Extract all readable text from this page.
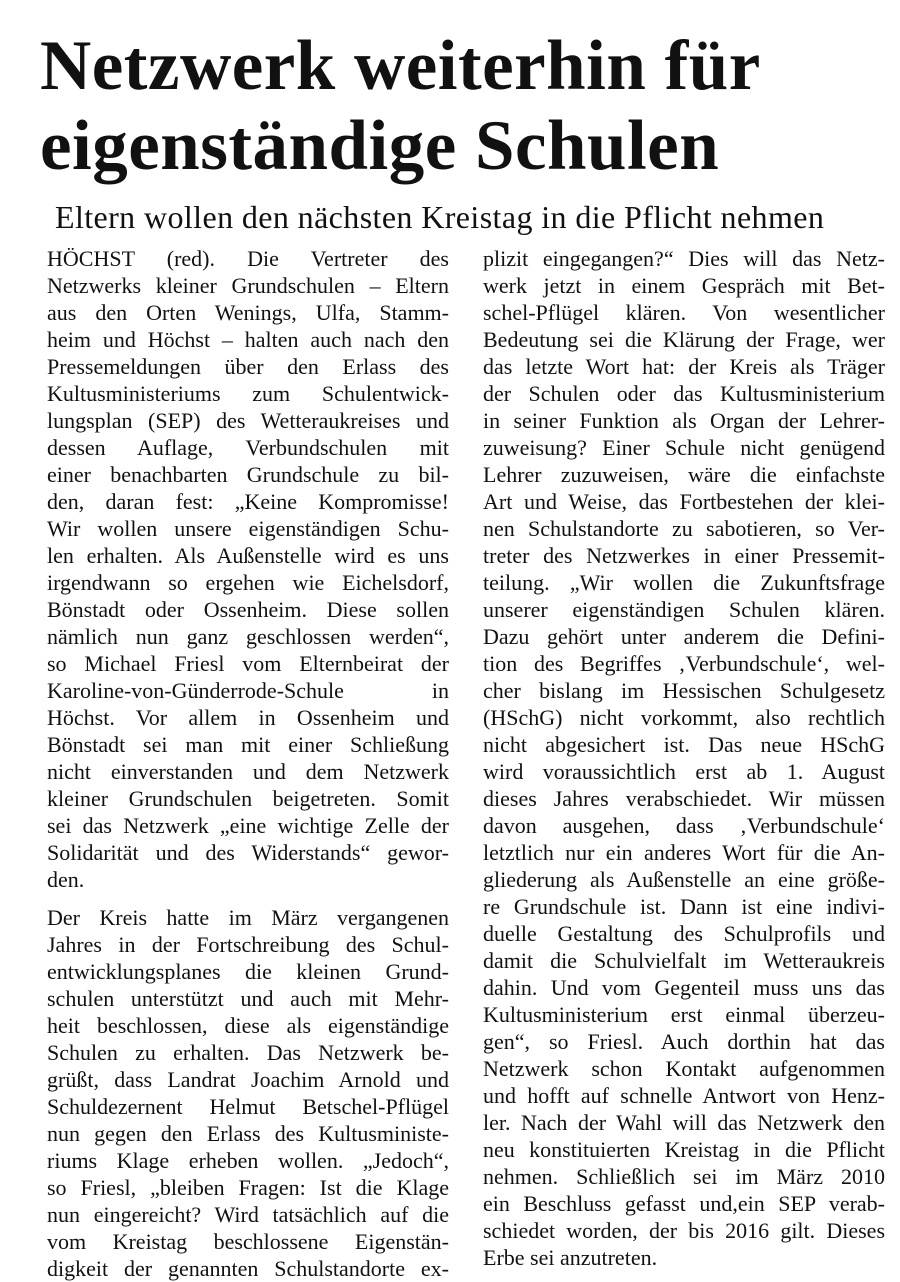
Netzwerk weiterhin für
eigenständige Schulen
Eltern wollen den nächsten Kreistag in die Pflicht nehmen
HÖCHST (red). Die Vertreter des
Netzwerks kleiner Grundschulen – Eltern
aus den Orten Wenings, Ulfa, Stamm-
heim und Höchst – halten auch nach den
Pressemeldungen über den Erlass des
Kultusministeriums zum Schulentwick-
lungsplan (SEP) des Wetteraukreises und
dessen Auflage, Verbundschulen mit
einer benachbarten Grundschule zu bil-
den, daran fest: „Keine Kompromisse!
Wir wollen unsere eigenständigen Schu-
len erhalten. Als Außenstelle wird es uns
irgendwann so ergehen wie Eichelsdorf,
Bönstadt oder Ossenheim. Diese sollen
nämlich nun ganz geschlossen werden“,
so Michael Friesl vom Elternbeirat der
Karoline-von-Günderrode-Schule in
Höchst. Vor allem in Ossenheim und
Bönstadt sei man mit einer Schließung
nicht einverstanden und dem Netzwerk
kleiner Grundschulen beigetreten. Somit
sei das Netzwerk „eine wichtige Zelle der
Solidarität und des Widerstands“ gewor-
den.
Der Kreis hatte im März vergangenen
Jahres in der Fortschreibung des Schul-
entwicklungsplanes die kleinen Grund-
schulen unterstützt und auch mit Mehr-
heit beschlossen, diese als eigenständige
Schulen zu erhalten. Das Netzwerk be-
grüßt, dass Landrat Joachim Arnold und
Schuldezernent Helmut Betschel-Pflügel
nun gegen den Erlass des Kultusministe-
riums Klage erheben wollen. „Jedoch“,
so Friesl, „bleiben Fragen: Ist die Klage
nun eingereicht? Wird tatsächlich auf die
vom Kreistag beschlossene Eigenstän-
digkeit der genannten Schulstandorte ex-
plizit eingegangen?“ Dies will das Netz-
werk jetzt in einem Gespräch mit Bet-
schel-Pflügel klären. Von wesentlicher
Bedeutung sei die Klärung der Frage, wer
das letzte Wort hat: der Kreis als Träger
der Schulen oder das Kultusministerium
in seiner Funktion als Organ der Lehrer-
zuweisung? Einer Schule nicht genügend
Lehrer zuzuweisen, wäre die einfachste
Art und Weise, das Fortbestehen der klei-
nen Schulstandorte zu sabotieren, so Ver-
treter des Netzwerkes in einer Pressemit-
teilung. „Wir wollen die Zukunftsfrage
unserer eigenständigen Schulen klären.
Dazu gehört unter anderem die Defini-
tion des Begriffes ‚Verbundschule‘, wel-
cher bislang im Hessischen Schulgesetz
(HSchG) nicht vorkommt, also rechtlich
nicht abgesichert ist. Das neue HSchG
wird voraussichtlich erst ab 1. August
dieses Jahres verabschiedet. Wir müssen
davon ausgehen, dass ‚Verbundschule‘
letztlich nur ein anderes Wort für die An-
gliederung als Außenstelle an eine größe-
re Grundschule ist. Dann ist eine indivi-
duelle Gestaltung des Schulprofils und
damit die Schulvielfalt im Wetteraukreis
dahin. Und vom Gegenteil muss uns das
Kultusministerium erst einmal überzeu-
gen“, so Friesl. Auch dorthin hat das
Netzwerk schon Kontakt aufgenommen
und hofft auf schnelle Antwort von Henz-
ler. Nach der Wahl will das Netzwerk den
neu konstituierten Kreistag in die Pflicht
nehmen. Schließlich sei im März 2010
ein Beschluss gefasst und,ein SEP verab-
schiedet worden, der bis 2016 gilt. Dieses
Erbe sei anzutreten.
